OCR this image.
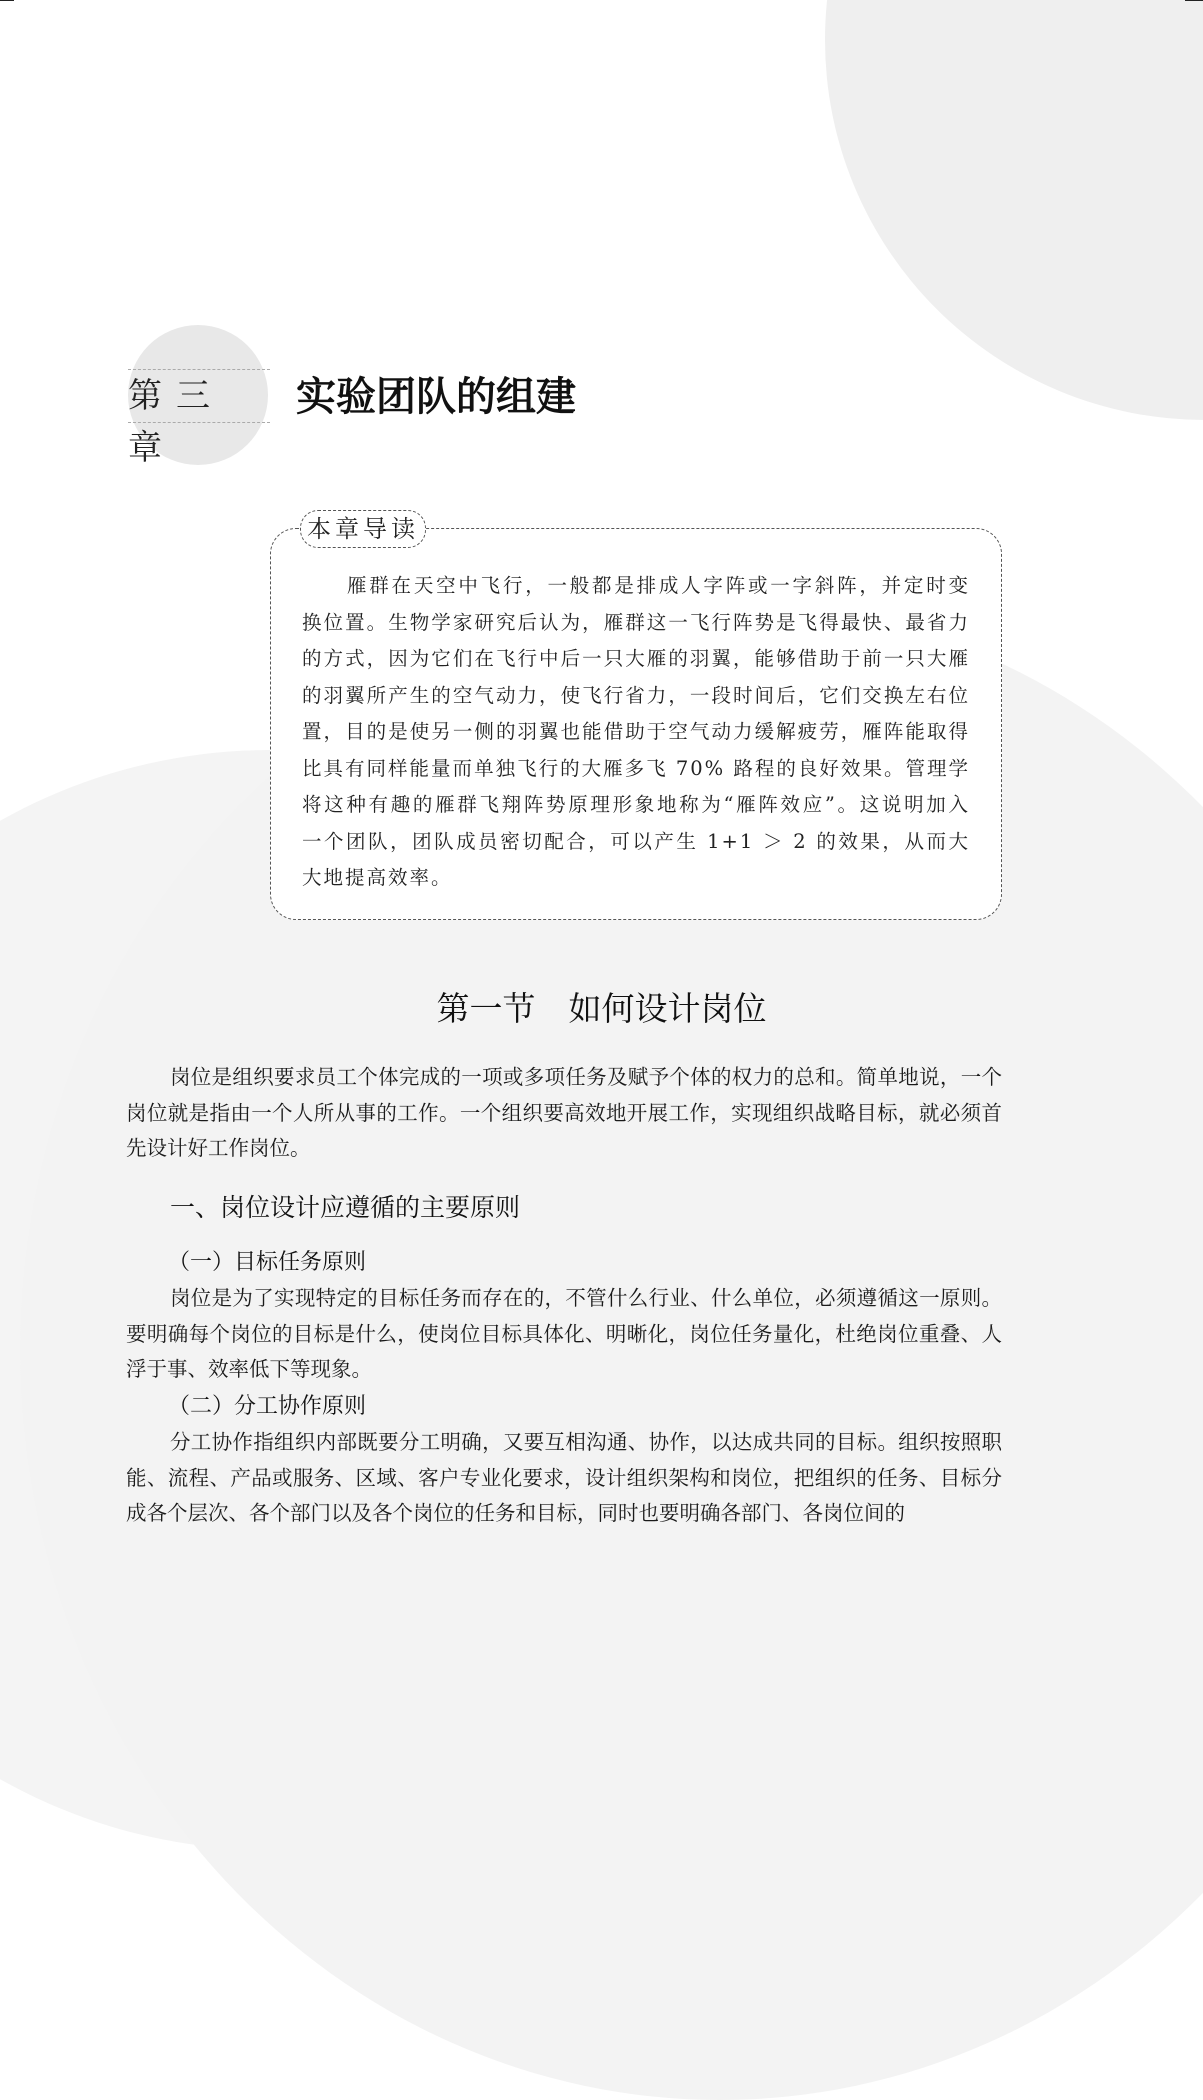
第三章
实验团队的组建
本章导读

雁群在天空中飞行，一般都是排成人字阵或一字斜阵，并定时变换位置。生物学家研究后认为，雁群这一飞行阵势是飞得最快、最省力的方式，因为它们在飞行中后一只大雁的羽翼，能够借助于前一只大雁的羽翼所产生的空气动力，使飞行省力，一段时间后，它们交换左右位置，目的是使另一侧的羽翼也能借助于空气动力缓解疲劳，雁阵能取得比具有同样能量而单独飞行的大雁多飞 70% 路程的良好效果。管理学将这种有趣的雁群飞翔阵势原理形象地称为“雁阵效应”。这说明加入一个团队，团队成员密切配合，可以产生 1+1 ＞ 2 的效果，从而大大地提高效率。

第一节　如何设计岗位

岗位是组织要求员工个体完成的一项或多项任务及赋予个体的权力的总和。简单地说，一个岗位就是指由一个人所从事的工作。一个组织要高效地开展工作，实现组织战略目标，就必须首先设计好工作岗位。

一、岗位设计应遵循的主要原则
（一）目标任务原则

岗位是为了实现特定的目标任务而存在的，不管什么行业、什么单位，必须遵循这一原则。要明确每个岗位的目标是什么，使岗位目标具体化、明晰化，岗位任务量化，杜绝岗位重叠、人浮于事、效率低下等现象。

（二）分工协作原则

分工协作指组织内部既要分工明确，又要互相沟通、协作，以达成共同的目标。组织按照职能、流程、产品或服务、区域、客户专业化要求，设计组织架构和岗位，把组织的任务、目标分成各个层次、各个部门以及各个岗位的任务和目标，同时也要明确各部门、各岗位间的
